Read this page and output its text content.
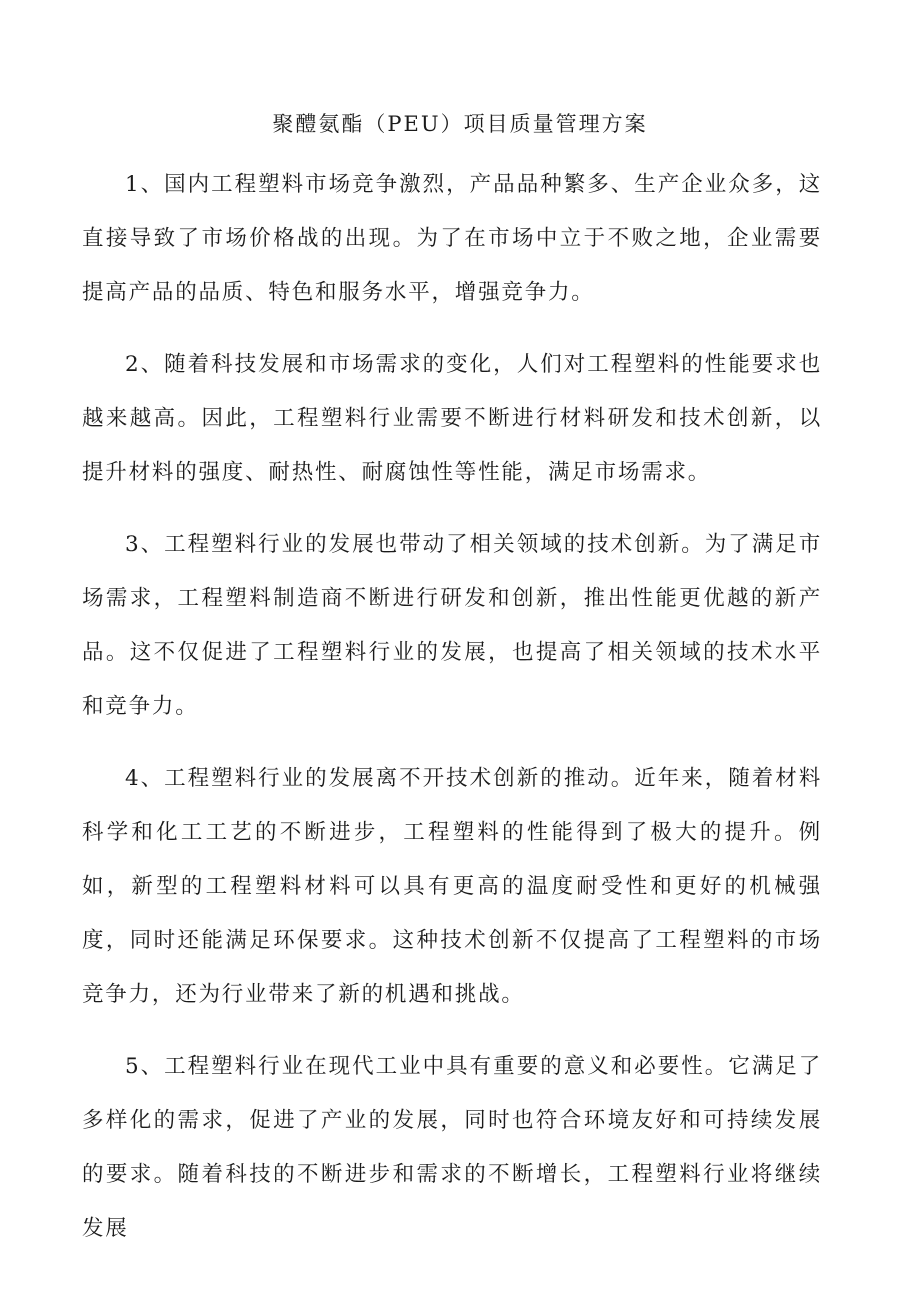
聚醴氨酯（PEU）项目质量管理方案

1、国内工程塑料市场竞争激烈，产品品种繁多、生产企业众多，这直接导致了市场价格战的出现。为了在市场中立于不败之地，企业需要提高产品的品质、特色和服务水平，增强竞争力。

2、随着科技发展和市场需求的变化，人们对工程塑料的性能要求也越来越高。因此，工程塑料行业需要不断进行材料研发和技术创新，以提升材料的强度、耐热性、耐腐蚀性等性能，满足市场需求。

3、工程塑料行业的发展也带动了相关领域的技术创新。为了满足市场需求，工程塑料制造商不断进行研发和创新，推出性能更优越的新产品。这不仅促进了工程塑料行业的发展，也提高了相关领域的技术水平和竞争力。

4、工程塑料行业的发展离不开技术创新的推动。近年来，随着材料科学和化工工艺的不断进步，工程塑料的性能得到了极大的提升。例如，新型的工程塑料材料可以具有更高的温度耐受性和更好的机械强度，同时还能满足环保要求。这种技术创新不仅提高了工程塑料的市场竞争力，还为行业带来了新的机遇和挑战。

5、工程塑料行业在现代工业中具有重要的意义和必要性。它满足了多样化的需求，促进了产业的发展，同时也符合环境友好和可持续发展的要求。随着科技的不断进步和需求的不断增长，工程塑料行业将继续发展
